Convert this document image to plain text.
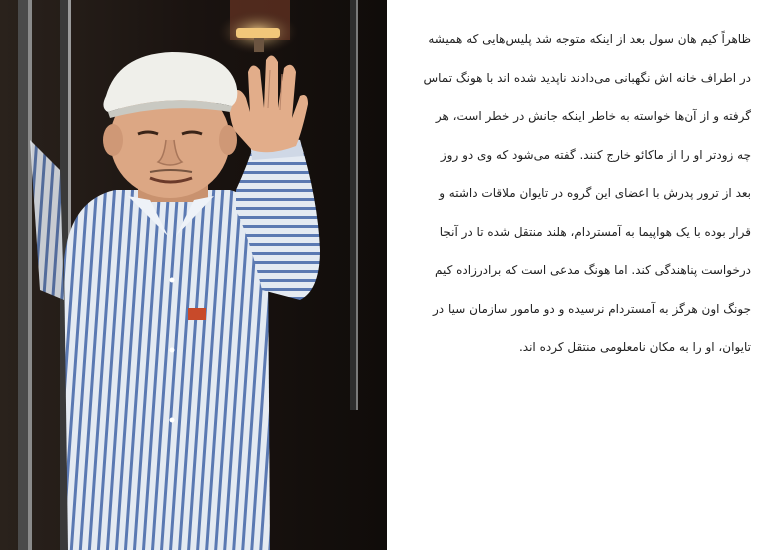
ظاهراً کیم هان سول بعد از اینکه متوجه شد پلیس‌هایی که همیشه
در اطراف خانه اش نگهبانی می‌دادند ناپدید شده اند با هونگ تماس
گرفته و از آن‌ها خواسته به خاطر اینکه جانش در خطر است، هر
چه زودتر او را از ماکائو خارج کنند. گفته می‌شود که وی دو روز
بعد از ترور پدرش با اعضای این گروه در تایوان ملاقات داشته و
قرار بوده با یک هواپیما به آمستردام، هلند منتقل شده تا در آنجا
درخواست پناهندگی کند. اما هونگ مدعی است که برادرزاده کیم
جونگ اون هرگز به آمستردام نرسیده و دو مامور سازمان سیا در
تایوان، او را به مکان نامعلومی منتقل کرده اند.
